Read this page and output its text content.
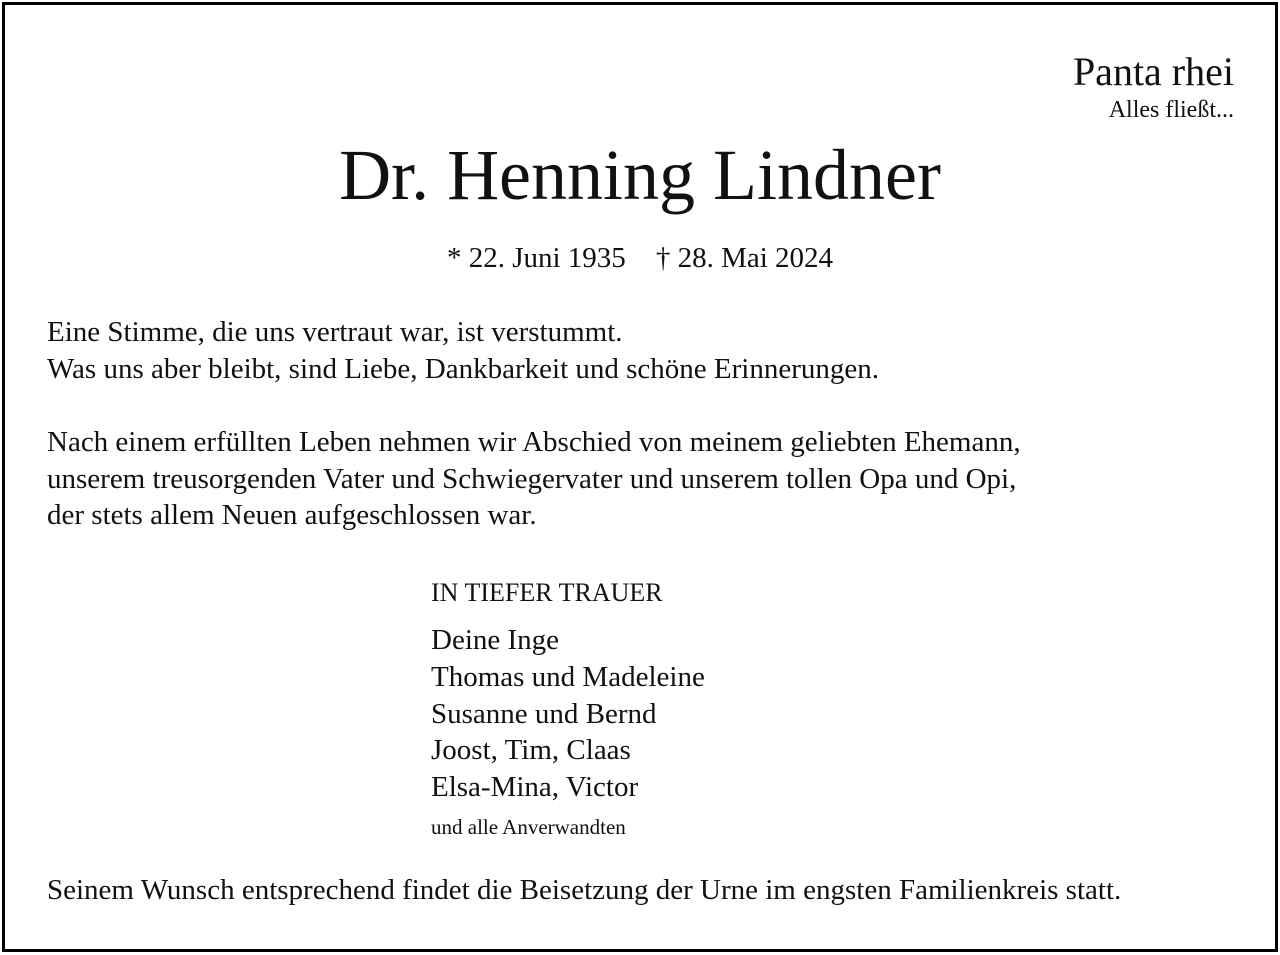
Panta rhei
Alles fließt...
Dr. Henning Lindner
* 22. Juni 1935 † 28. Mai 2024
Eine Stimme, die uns vertraut war, ist verstummt.
Was uns aber bleibt, sind Liebe, Dankbarkeit und schöne Erinnerungen.
Nach einem erfüllten Leben nehmen wir Abschied von meinem geliebten Ehemann,
unserem treusorgenden Vater und Schwiegervater und unserem tollen Opa und Opi,
der stets allem Neuen aufgeschlossen war.
IN TIEFER TRAUER
Deine Inge
Thomas und Madeleine
Susanne und Bernd
Joost, Tim, Claas
Elsa-Mina, Victor
und alle Anverwandten
Seinem Wunsch entsprechend findet die Beisetzung der Urne im engsten Familienkreis statt.
